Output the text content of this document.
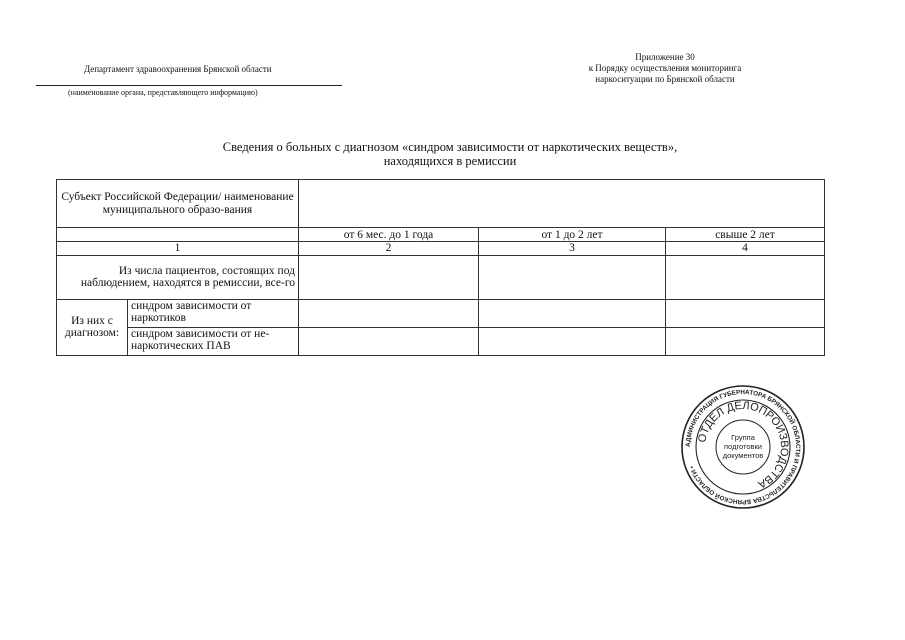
Департамент здравоохранения Брянской области
(наименование органа, представляющего информацию)
Приложение 30
к Порядку осуществления мониторинга
наркоситуации по Брянской области
Сведения о больных с диагнозом «синдром зависимости от наркотических веществ»,
находящихся в ремиссии
Субъект Российской Федерации/ наименование муниципального образо-вания				
		от 6 мес. до 1 года	от 1 до 2 лет	свыше 2 лет
1		2	3	4
Из числа пациентов, состоящих под наблюдением, находятся в ремиссии, все-го				
Из них с диагнозом:	синдром зависимости от наркотиков			
	синдром зависимости от не-наркотических ПАВ			
АДМИНИСТРАЦИЯ ГУБЕРНАТОРА БРЯНСКОЙ ОБЛАСТИ И ПРАВИТЕЛЬСТВА БРЯНСКОЙ ОБЛАСТИ •
ОТДЕЛ ДЕЛОПРОИЗВОДСТВА
Группа
подготовки
документов
